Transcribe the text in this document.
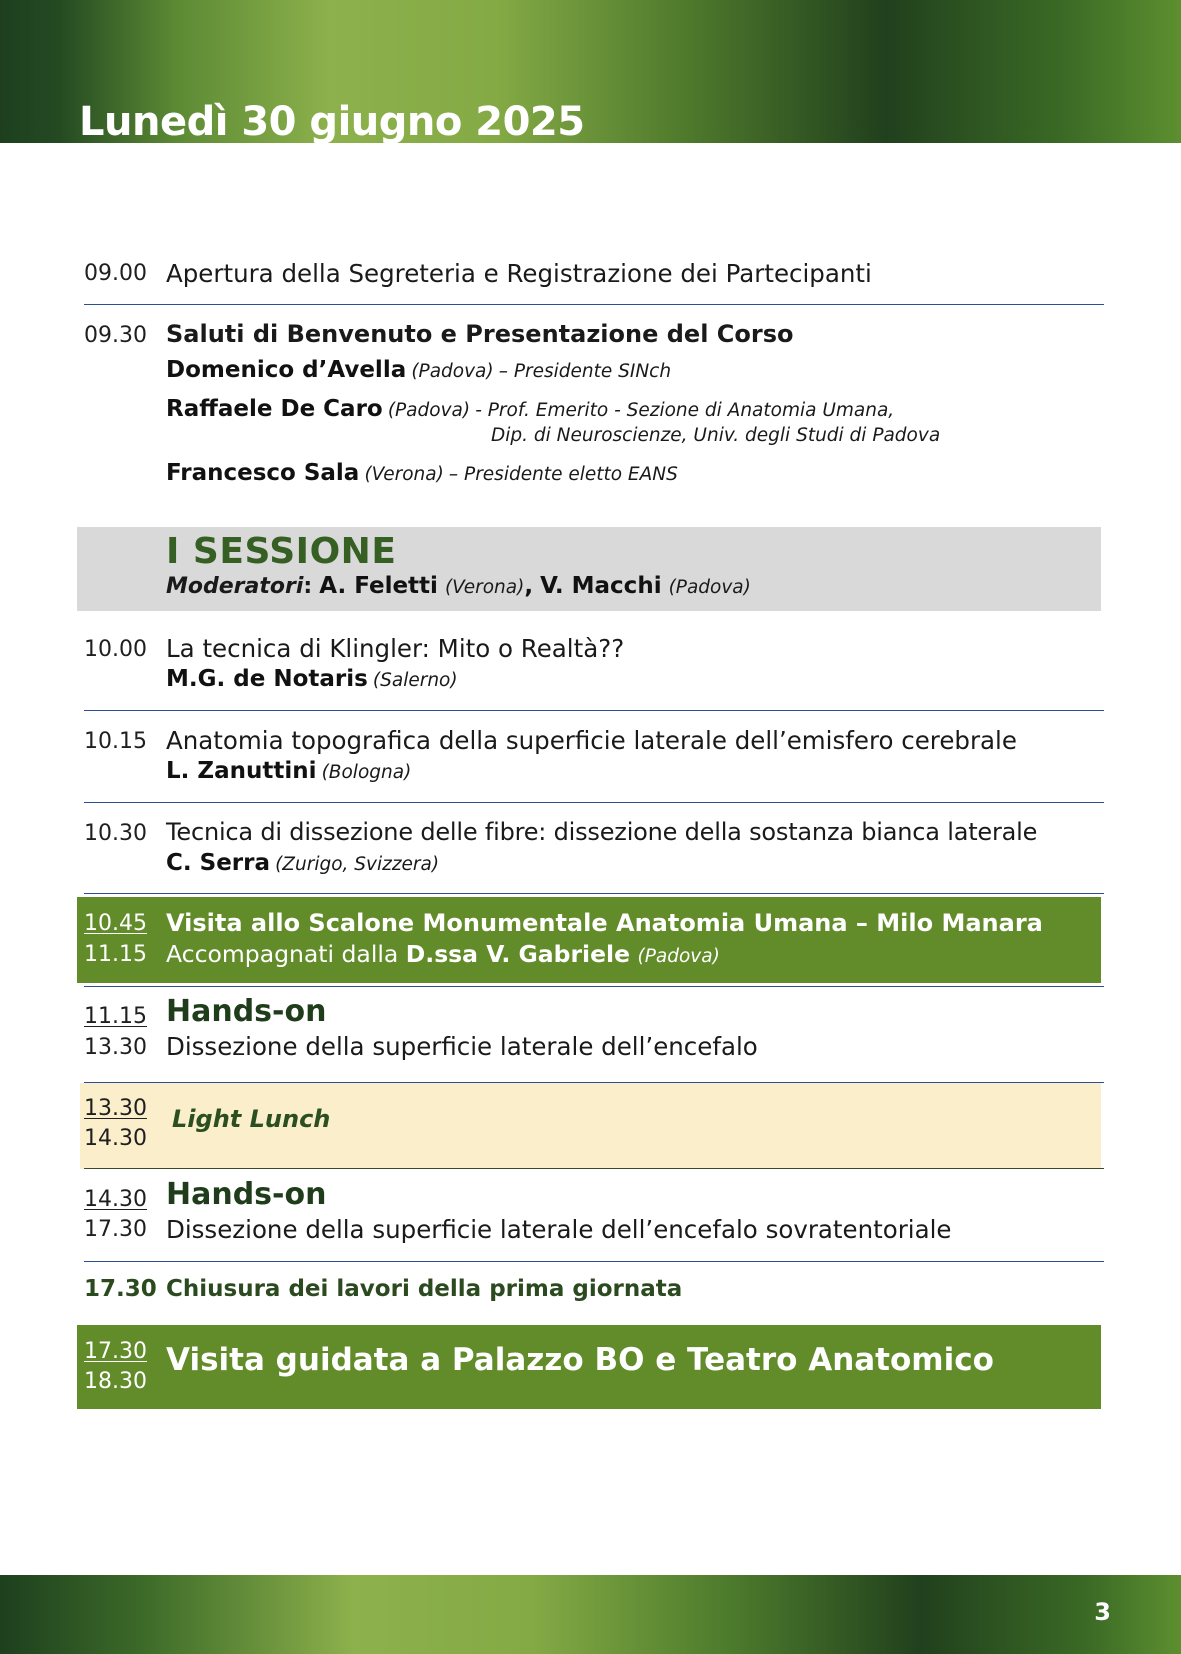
Lunedì 30 giugno 2025
09.00 Apertura della Segreteria e Registrazione dei Partecipanti
09.30 Saluti di Benvenuto e Presentazione del Corso
Domenico d’Avella (Padova) – Presidente SINch
Raffaele De Caro (Padova) - Prof. Emerito - Sezione di Anatomia Umana,
Dip. di Neuroscienze, Univ. degli Studi di Padova
Francesco Sala (Verona) – Presidente eletto EANS
I SESSIONE
Moderatori: A. Feletti (Verona), V. Macchi (Padova)
10.00 La tecnica di Klingler: Mito o Realtà??
M.G. de Notaris (Salerno)
10.15 Anatomia topografica della superficie laterale dell’emisfero cerebrale
L. Zanuttini (Bologna)
10.30 Tecnica di dissezione delle fibre: dissezione della sostanza bianca laterale
C. Serra (Zurigo, Svizzera)
10.45
11.15
Visita allo Scalone Monumentale Anatomia Umana – Milo Manara
Accompagnati dalla D.ssa V. Gabriele (Padova)
11.15
13.30
Hands-on
Dissezione della superficie laterale dell’encefalo
13.30
14.30
Light Lunch
14.30
17.30
Hands-on
Dissezione della superficie laterale dell’encefalo sovratentoriale
17.30 Chiusura dei lavori della prima giornata
17.30
18.30
Visita guidata a Palazzo BO e Teatro Anatomico
3
